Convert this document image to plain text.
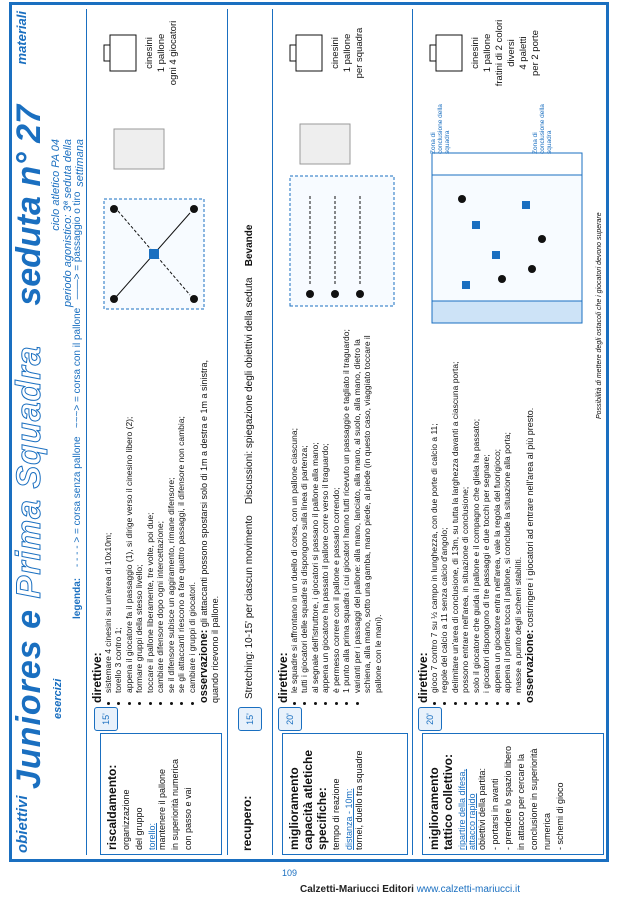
obiettivi
Juniores e Prima Squadra
seduta n° 27
materiali
esercizi
ciclo atletico PA 04 periodo agonistico: 3ª seduta della settimana
legenda: - - - - > = corsa senza pallone   ~~~> = corsa con il pallone   ——> = passaggio o tiro
riscaldamento: organizzazione del gruppo torello: mantenere il pallone in superiorità numerica con passo e vai
15'
direttive:
• sistemare 4 cinesini su un'area di 10x10m; • torello 3 contro 1; • appena il giocatore fa il passaggio (1), si dirige verso il cinesino libero (2); • formare gruppi della stesso livello; • toccare il pallone liberamente, tre volte, poi due; • cambiare difensore dopo ogni intercettazione; • se il difensore subisce un aggiramento, rimane difensore; • se gli attaccanti riescono a fare quattro passaggi, il difensore non cambia; • cambiare i gruppi di giocatori. osservazione: gli attaccanti possono spostarsi solo di 1m a destra e 1m a sinistra, quando ricevono il pallone.
cinesini 1 pallone ogni 4 giocatori
recupero:
15'
Stretching: 10-15' per ciascun movimento    Discussioni: spiegazione degli obiettivi della seduta    Bevande
miglioramento capacità atletiche specifiche: tempo di reazione distanza - 10m: tornei, duello tra squadre
20'
direttive:
• le squadre si affrontano in un duello di corsa, con un pallone ciascuna; • tutti i giocatori delle squadre si dispongono sulla linea di partenza; • al segnale dell'istruttore, i giocatori si passano il pallone alla mano; • appena un giocatore ha passato il pallone corre verso il traguardo; • è permesso correre con il pallone e passarlo correndo; • 1 punto alla prima squadra i cui giocatori hanno tutti ricevuto un passaggio e tagliato il traguardo; • varianti per i passaggi del pallone: alla mano, lanciato, alla mano, al suolo, alla mano, dietro la schiena, alla mano, sotto una gamba, mano piede, al piede (in questo caso, viaggiato toccare il pallone con le mani).
cinesini 1 pallone per squadra
miglioramento tattico collettivo: ripartire della difesa, attacco rapido obiettivi della partita: - portarsi in avanti - prendere lo spazio libero in attacco per cercare la conclusione in superiorità numerica - schemi di gioco
20'
direttive:
• gioco 7 contro 7 su ½ campo in lunghezza, con due porte di calcio a 11; • regole del calcio a 11 senza calcio d'angolo; • delimitare un'area di conclusione, di 13m, su tutta la larghezza davanti a ciascuna porta; • possono entrare nell'area, in situazione di conclusione; • solo il giocatore che guida il pallone e il compagno che gliela ha passato; • i giocatori dispongono di tre passaggi e due tocchi per segnare; • appena un giocatore entra nell'area, vale la regola del fuorigioco; • appena il portiere tocca il pallone, si conclude la situazione alla porta; • masse a punto degli schemi stabiliti. osservazione: costringere i giocatori ad entrare nell'area al più presto.
Possibilità di mettere degli ostacoli che i giocatori devono superare
Zona di conclusione della squadra	Zona di conclusione della squadra
cinesini 1 pallone fratini di 2 colori diversi 4 paletti per 2 porte
109
Calzetti-Mariucci Editori www.calzetti-mariucci.it
